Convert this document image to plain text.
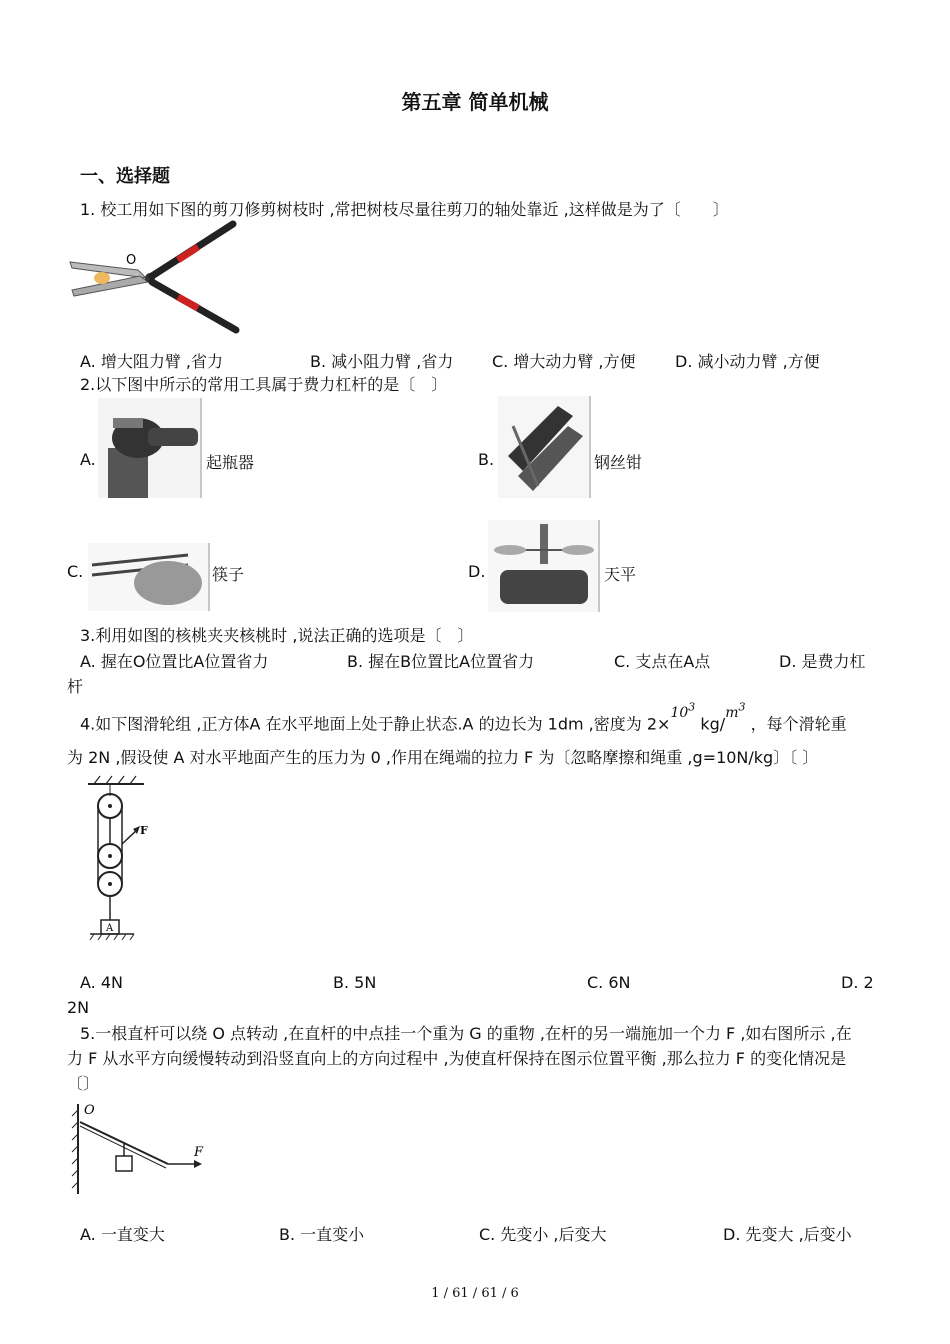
第五章 简单机械
一、选择题
1. 校工用如下图的剪刀修剪树枝时 ,常把树枝尽量往剪刀的轴处靠近 ,这样做是为了〔　　〕
O
A. 增大阻力臂 ,省力	B. 减小阻力臂 ,省力 C. 增大动力臂 ,方便 D. 减小动力臂 ,方便
2.以下图中所示的常用工具属于费力杠杆的是〔　〕
A.	起瓶器	B.	钢丝钳
C.	筷子	D.	天平
3.利用如图的核桃夹夹核桃时 ,说法正确的选项是〔　〕
A. 握在O位置比A位置省力	B. 握在B位置比A位置省力	C. 支点在A点	D. 是费力杠
杆
4.如下图滑轮组 ,正方体A 在水平地面上处于静止状态.A 的边长为 1dm ,密度为 $2\times 10^3$ $kg/m^3$ ，每个滑轮重
为 2N ,假设使 A 对水平地面产生的压力为 0 ,作用在绳端的拉力 F 为〔忽略摩擦和绳重 ,g=10N/kg〕〔 〕
F
A
A. 4N	B. 5N	C. 6N	D. 2
2N
5.一根直杆可以绕 O 点转动 ,在直杆的中点挂一个重为 G 的重物 ,在杆的另一端施加一个力 F ,如右图所示 ,在
力 F 从水平方向缓慢转动到沿竖直向上的方向过程中 ,为使直杆保持在图示位置平衡 ,那么拉力 F 的变化情况是
〔〕
O
F
A. 一直变大	B. 一直变小	C. 先变小 ,后变大	D. 先变大 ,后变小
1 / 61 / 61 / 6
